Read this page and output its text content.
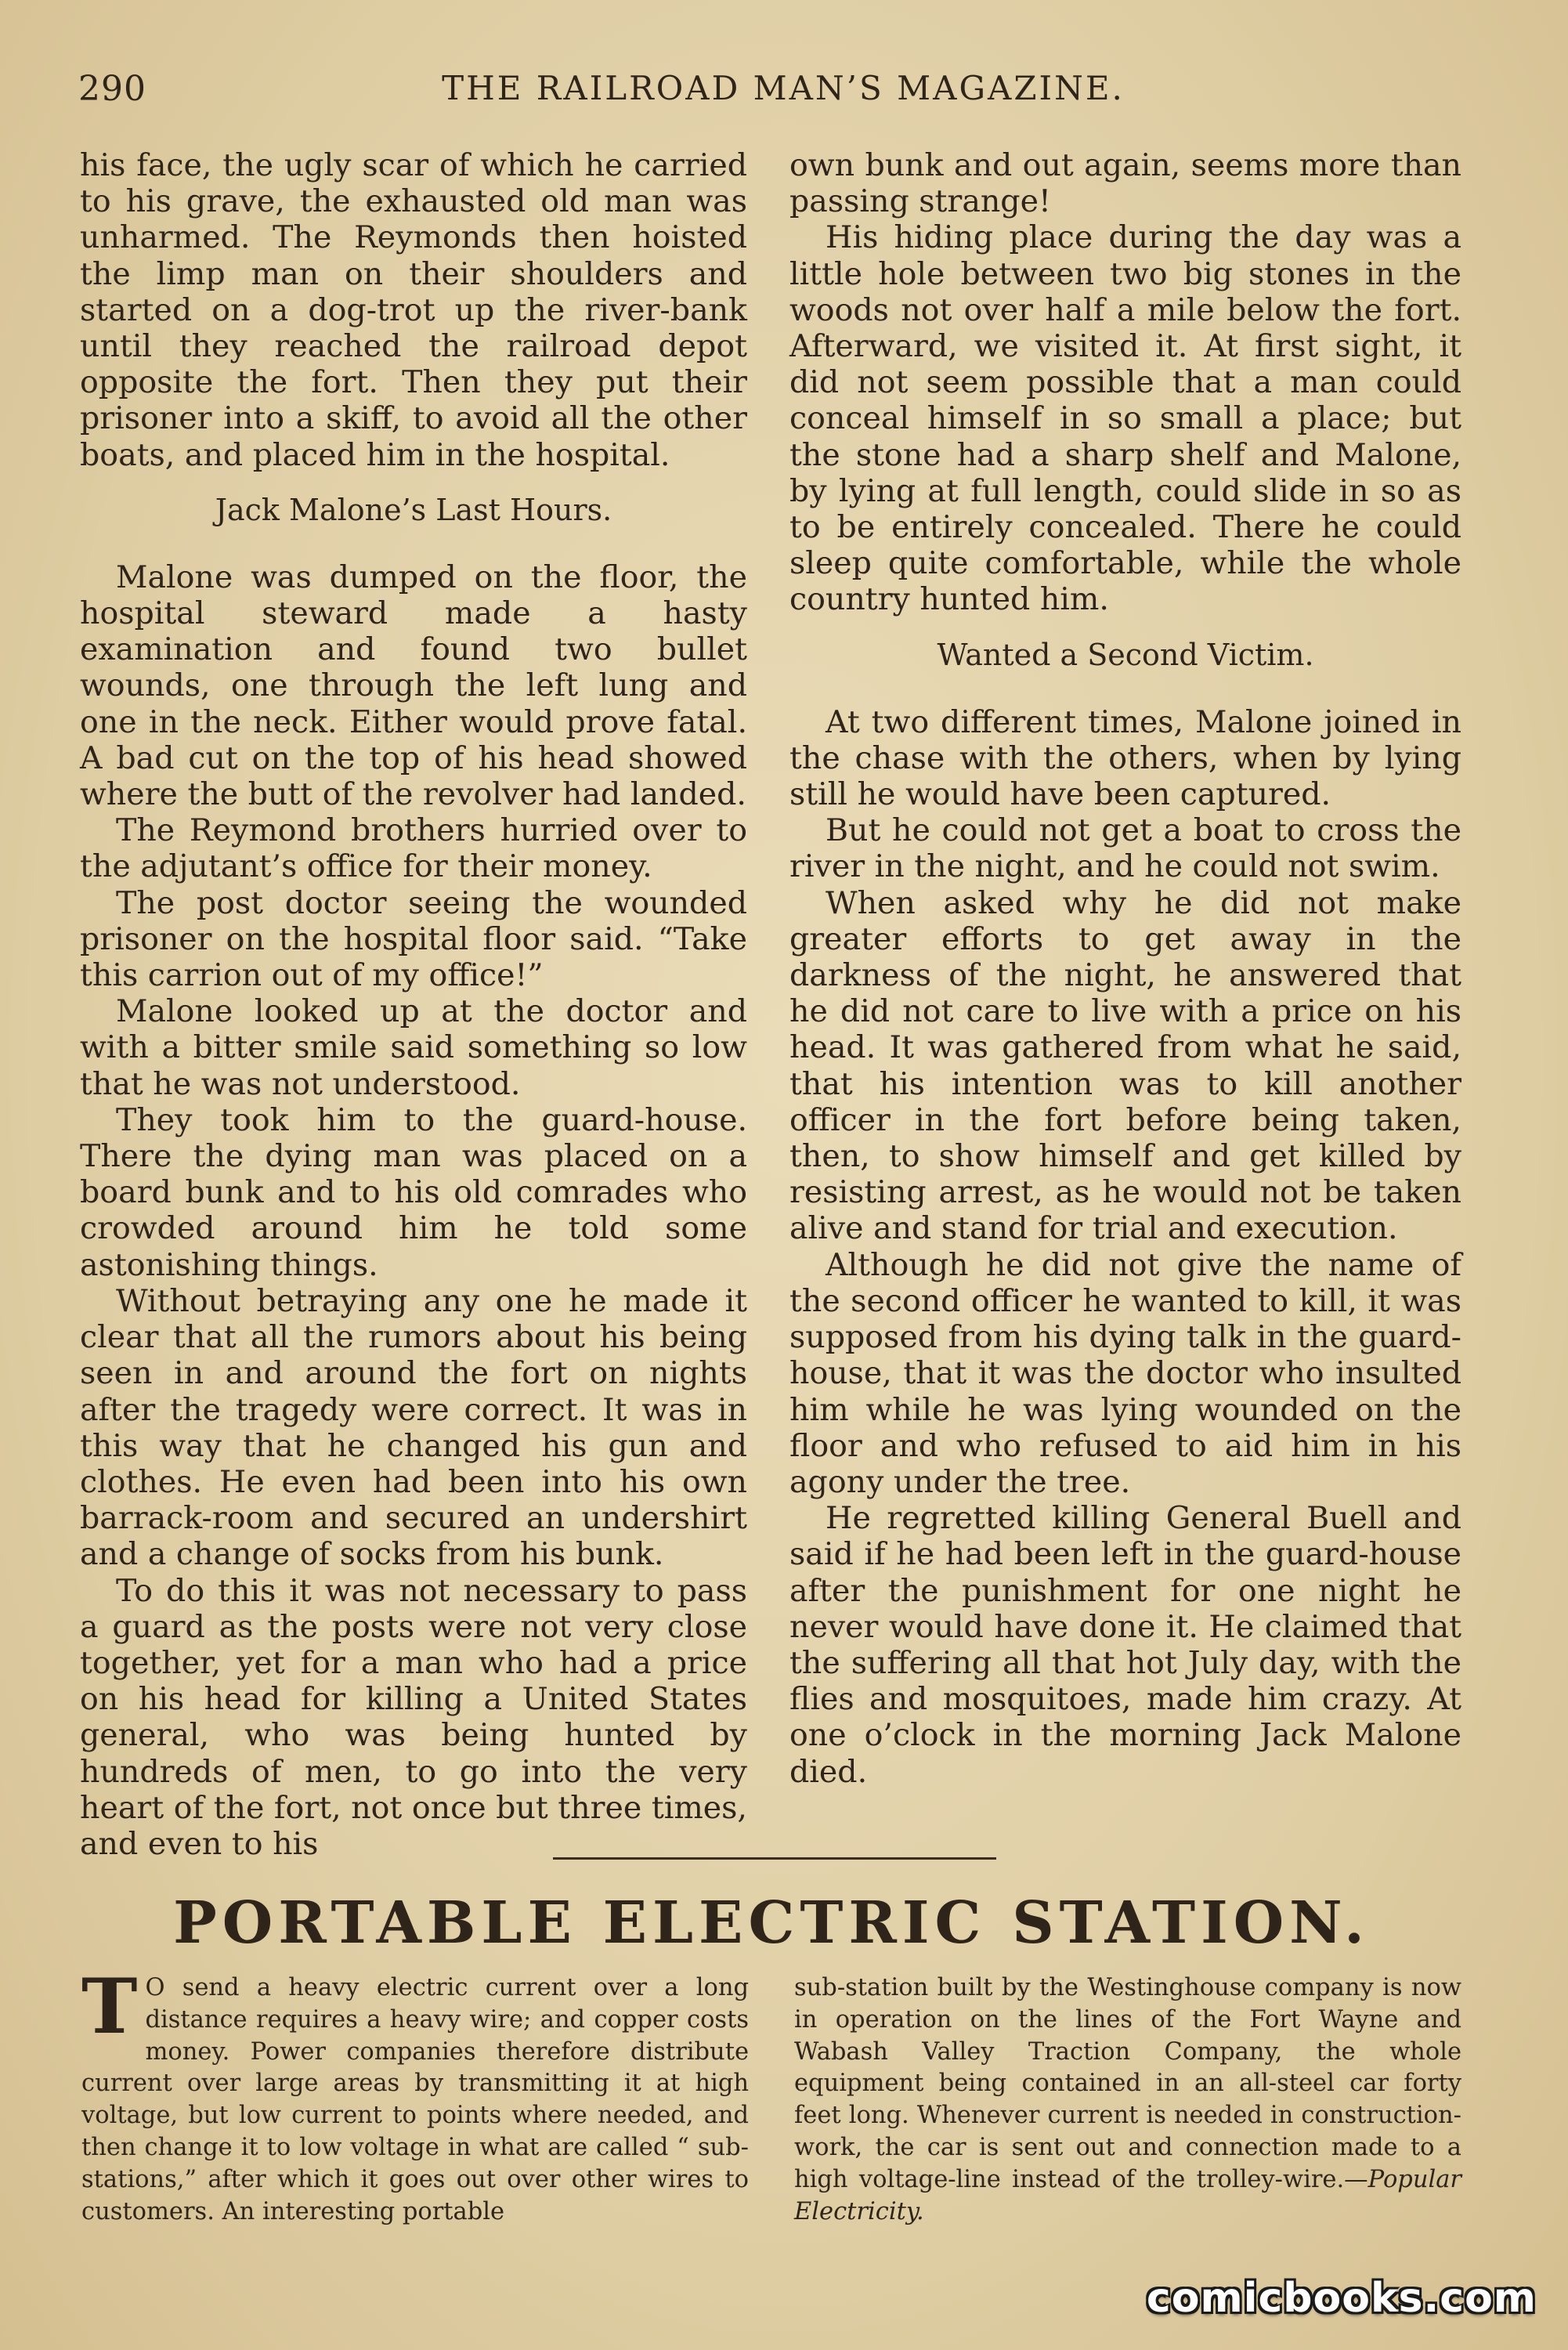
290	THE RAILROAD MAN’S MAGAZINE.

his face, the ugly scar of which he carried to his grave, the exhausted old man was unharmed. The Reymonds then hoisted the limp man on their shoulders and started on a dog-trot up the river-bank until they reached the railroad depot opposite the fort. Then they put their prisoner into a skiff, to avoid all the other boats, and placed him in the hospital.

Jack Malone’s Last Hours.

Malone was dumped on the floor, the hospital steward made a hasty examination and found two bullet wounds, one through the left lung and one in the neck. Either would prove fatal. A bad cut on the top of his head showed where the butt of the revolver had landed.

The Reymond brothers hurried over to the adjutant’s office for their money.

The post doctor seeing the wounded prisoner on the hospital floor said. “Take this carrion out of my office!”

Malone looked up at the doctor and with a bitter smile said something so low that he was not understood.

They took him to the guard-house. There the dying man was placed on a board bunk and to his old comrades who crowded around him he told some astonishing things.

Without betraying any one he made it clear that all the rumors about his being seen in and around the fort on nights after the tragedy were correct. It was in this way that he changed his gun and clothes. He even had been into his own barrack-room and secured an undershirt and a change of socks from his bunk.

To do this it was not necessary to pass a guard as the posts were not very close together, yet for a man who had a price on his head for killing a United States general, who was being hunted by hundreds of men, to go into the very heart of the fort, not once but three times, and even to his

own bunk and out again, seems more than passing strange!

His hiding place during the day was a little hole between two big stones in the woods not over half a mile below the fort. Afterward, we visited it. At first sight, it did not seem possible that a man could conceal himself in so small a place; but the stone had a sharp shelf and Malone, by lying at full length, could slide in so as to be entirely concealed. There he could sleep quite comfortable, while the whole country hunted him.

Wanted a Second Victim.

At two different times, Malone joined in the chase with the others, when by lying still he would have been captured.

But he could not get a boat to cross the river in the night, and he could not swim.

When asked why he did not make greater efforts to get away in the darkness of the night, he answered that he did not care to live with a price on his head. It was gathered from what he said, that his intention was to kill another officer in the fort before being taken, then, to show himself and get killed by resisting arrest, as he would not be taken alive and stand for trial and execution.

Although he did not give the name of the second officer he wanted to kill, it was supposed from his dying talk in the guard-house, that it was the doctor who insulted him while he was lying wounded on the floor and who refused to aid him in his agony under the tree.

He regretted killing General Buell and said if he had been left in the guard-house after the punishment for one night he never would have done it. He claimed that the suffering all that hot July day, with the flies and mosquitoes, made him crazy. At one o’clock in the morning Jack Malone died.

PORTABLE ELECTRIC STATION.

T O send a heavy electric current over a long distance requires a heavy wire; and copper costs money. Power companies therefore distribute current over large areas by transmitting it at high voltage, but low current to points where needed, and then change it to low voltage in what are called “ sub-stations,” after which it goes out over other wires to customers. An interesting portable

sub-station built by the Westinghouse company is now in operation on the lines of the Fort Wayne and Wabash Valley Traction Company, the whole equipment being contained in an all-steel car forty feet long. Whenever current is needed in construction-work, the car is sent out and connection made to a high voltage-line instead of the trolley-wire.—Popular Electricity.

comicbooks.com
